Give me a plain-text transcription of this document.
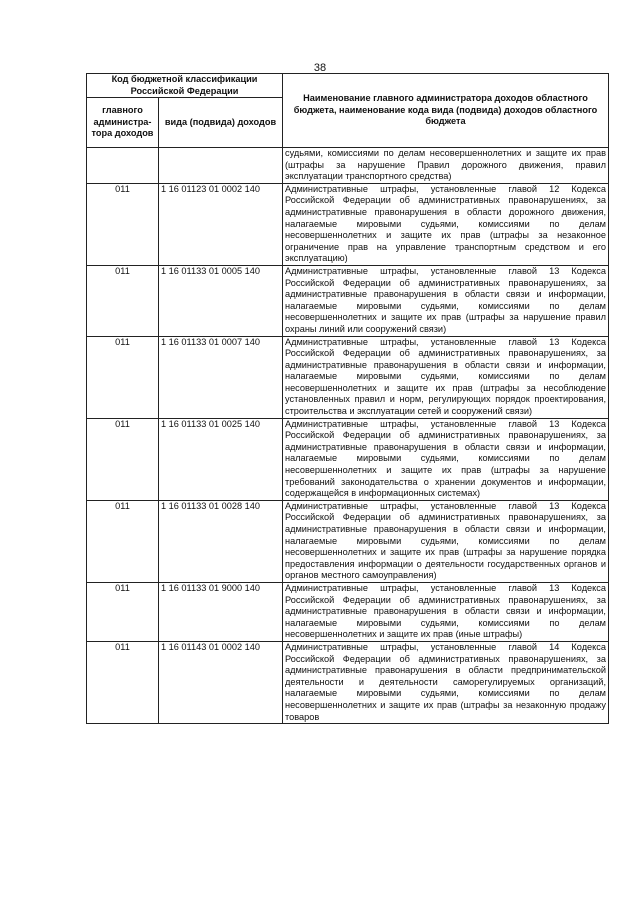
38
Код бюджетной классификации Российской Федерации		Наименование главного администратора доходов областного бюджета, наименование кода вида (подвида) доходов областного бюджета
главного администра-тора доходов	вида (подвида) доходов	
		судьями, комиссиями по делам несовершеннолетних и защите их прав (штрафы за нарушение Правил дорожного движения, правил эксплуатации транспортного средства)
011	1 16 01123 01 0002 140	Административные штрафы, установленные главой 12 Кодекса Российской Федерации об административных правонарушениях, за административные правонарушения в области дорожного движения, налагаемые мировыми судьями, комиссиями по делам несовершеннолетних и защите их прав (штрафы за незаконное ограничение прав на управление транспортным средством и его эксплуатацию)
011	1 16 01133 01 0005 140	Административные штрафы, установленные главой 13 Кодекса Российской Федерации об административных правонарушениях, за административные правонарушения в области связи и информации, налагаемые мировыми судьями, комиссиями по делам несовершеннолетних и защите их прав (штрафы за нарушение правил охраны линий или сооружений связи)
011	1 16 01133 01 0007 140	Административные штрафы, установленные главой 13 Кодекса Российской Федерации об административных правонарушениях, за административные правонарушения в области связи и информации, налагаемые мировыми судьями, комиссиями по делам несовершеннолетних и защите их прав (штрафы за несоблюдение установленных правил и норм, регулирующих порядок проектирования, строительства и эксплуатации сетей и сооружений связи)
011	1 16 01133 01 0025 140	Административные штрафы, установленные главой 13 Кодекса Российской Федерации об административных правонарушениях, за административные правонарушения в области связи и информации, налагаемые мировыми судьями, комиссиями по делам несовершеннолетних и защите их прав (штрафы за нарушение требований законодательства о хранении документов и информации, содержащейся в информационных системах)
011	1 16 01133 01 0028 140	Административные штрафы, установленные главой 13 Кодекса Российской Федерации об административных правонарушениях, за административные правонарушения в области связи и информации, налагаемые мировыми судьями, комиссиями по делам несовершеннолетних и защите их прав (штрафы за нарушение порядка предоставления информации о деятельности государственных органов и органов местного самоуправления)
011	1 16 01133 01 9000 140	Административные штрафы, установленные главой 13 Кодекса Российской Федерации об административных правонарушениях, за административные правонарушения в области связи и информации, налагаемые мировыми судьями, комиссиями по делам несовершеннолетних и защите их прав (иные штрафы)
011	1 16 01143 01 0002 140	Административные штрафы, установленные главой 14 Кодекса Российской Федерации об административных правонарушениях, за административные правонарушения в области предпринимательской деятельности и деятельности саморегулируемых организаций, налагаемые мировыми судьями, комиссиями по делам несовершеннолетних и защите их прав (штрафы за незаконную продажу товаров
